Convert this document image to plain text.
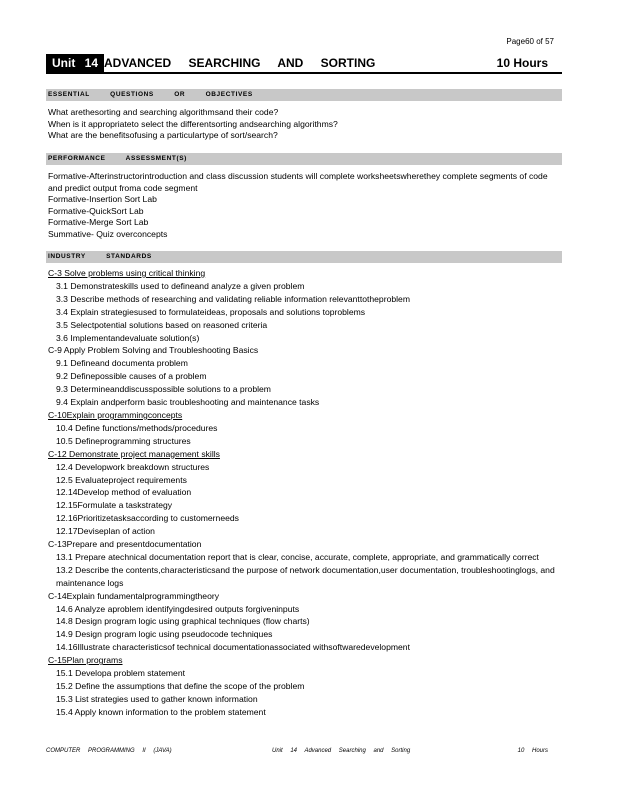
Page60 of 57
Unit 14 ADVANCED SEARCHING AND SORTING	10 Hours
ESSENTIAL QUESTIONS OR OBJECTIVES
What arethesorting and searching algorithmsand their code?
When is it appropriateto select the differentsorting andsearching algorithms?
What are the benefitsofusing a particulartype of sort/search?
PERFORMANCE ASSESSMENT(S)
Formative-Afterinstructorintroduction and class discussion students will complete worksheetswherethey complete segments of code and predict output froma code segment
Formative-Insertion Sort Lab
Formative-QuickSort Lab
Formative-Merge Sort Lab
Summative- Quiz overconcepts
INDUSTRY STANDARDS
C-3 Solve problems using critical thinking
3.1 Demonstrateskills used to defineand analyze a given problem
3.3 Describe methods of researching and validating reliable information relevanttotheproblem
3.4 Explain strategiesused to formulateideas, proposals and solutions toproblems
3.5 Selectpotential solutions based on reasoned criteria
3.6 Implementandevaluate solution(s)
C-9 Apply Problem Solving and Troubleshooting Basics
9.1 Defineand documenta problem
9.2 Definepossible causes of a problem
9.3 Determineanddiscusspossible solutions to a problem
9.4 Explain andperform basic troubleshooting and maintenance tasks
C-10Explain programmingconcepts
10.4 Define functions/methods/procedures
10.5 Defineprogramming structures
C-12 Demonstrate project management skills
12.4 Developwork breakdown structures
12.5 Evaluateproject requirements
12.14Develop method of evaluation
12.15Formulate a taskstrategy
12.16Prioritizetasksaccording to customerneeds
12.17Deviseplan of action
C-13Prepare and presentdocumentation
13.1 Prepare atechnical documentation report that is clear, concise, accurate, complete, appropriate, and grammatically correct
13.2 Describe the contents,characteristicsand the purpose of network documentation,user documentation, troubleshootinglogs, and maintenance logs
C-14Explain fundamentalprogrammingtheory
14.6 Analyze aproblem identifyingdesired outputs forgiveninputs
14.8 Design program logic using graphical techniques (flow charts)
14.9 Design program logic using pseudocode techniques
14.16Illustrate characteristicsof technical documentationassociated withsoftwaredevelopment
C-15Plan programs
15.1 Developa problem statement
15.2 Define the assumptions that define the scope of the problem
15.3 List strategies used to gather known information
15.4 Apply known information to the problem statement
COMPUTER PROGRAMMING II (JAVA)	Unit 14 Advanced Searching and Sorting	10 Hours
